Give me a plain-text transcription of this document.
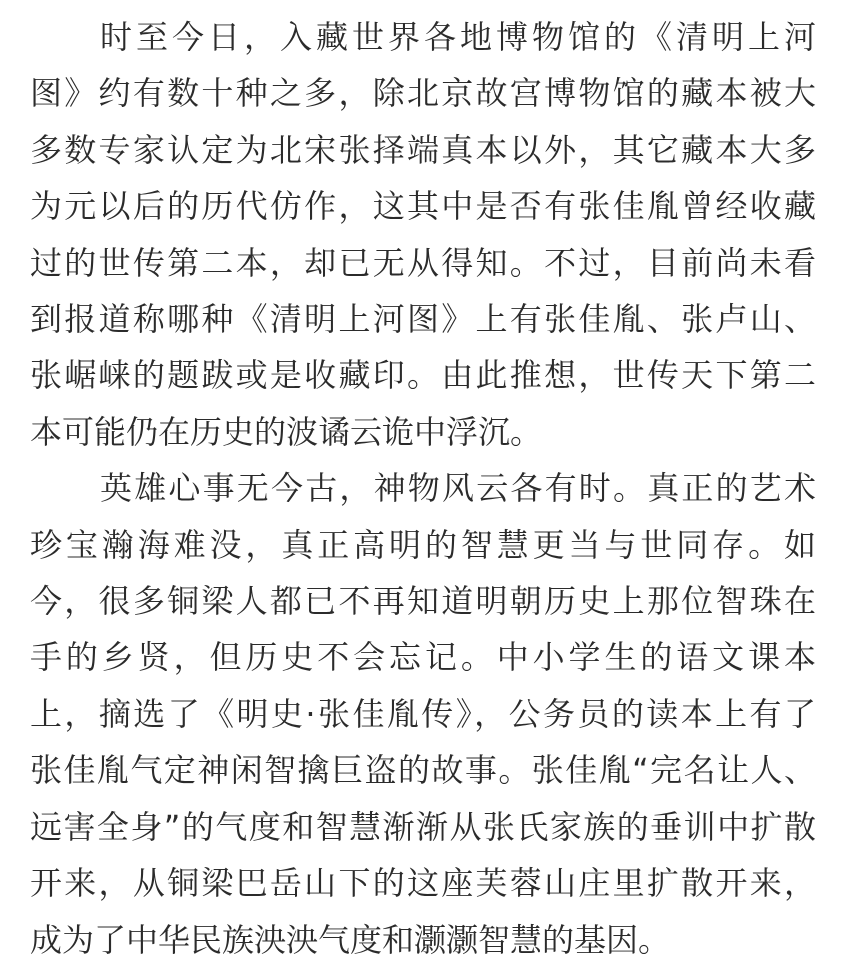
时至今日，入藏世界各地博物馆的《清明上河
图》约有数十种之多，除北京故宫博物馆的藏本被大
多数专家认定为北宋张择端真本以外，其它藏本大多
为元以后的历代仿作，这其中是否有张佳胤曾经收藏
过的世传第二本，却已无从得知。不过，目前尚未看
到报道称哪种《清明上河图》上有张佳胤、张卢山、
张崌崃的题跋或是收藏印。由此推想，世传天下第二
本可能仍在历史的波谲云诡中浮沉。
英雄心事无今古，神物风云各有时。真正的艺术
珍宝瀚海难没，真正高明的智慧更当与世同存。如
今，很多铜梁人都已不再知道明朝历史上那位智珠在
手的乡贤，但历史不会忘记。中小学生的语文课本
上，摘选了《明史·张佳胤传》，公务员的读本上有了
张佳胤气定神闲智擒巨盗的故事。张佳胤“完名让人、
远害全身”的气度和智慧渐渐从张氏家族的垂训中扩散
开来，从铜梁巴岳山下的这座芙蓉山庄里扩散开来，
成为了中华民族泱泱气度和灏灏智慧的基因。
